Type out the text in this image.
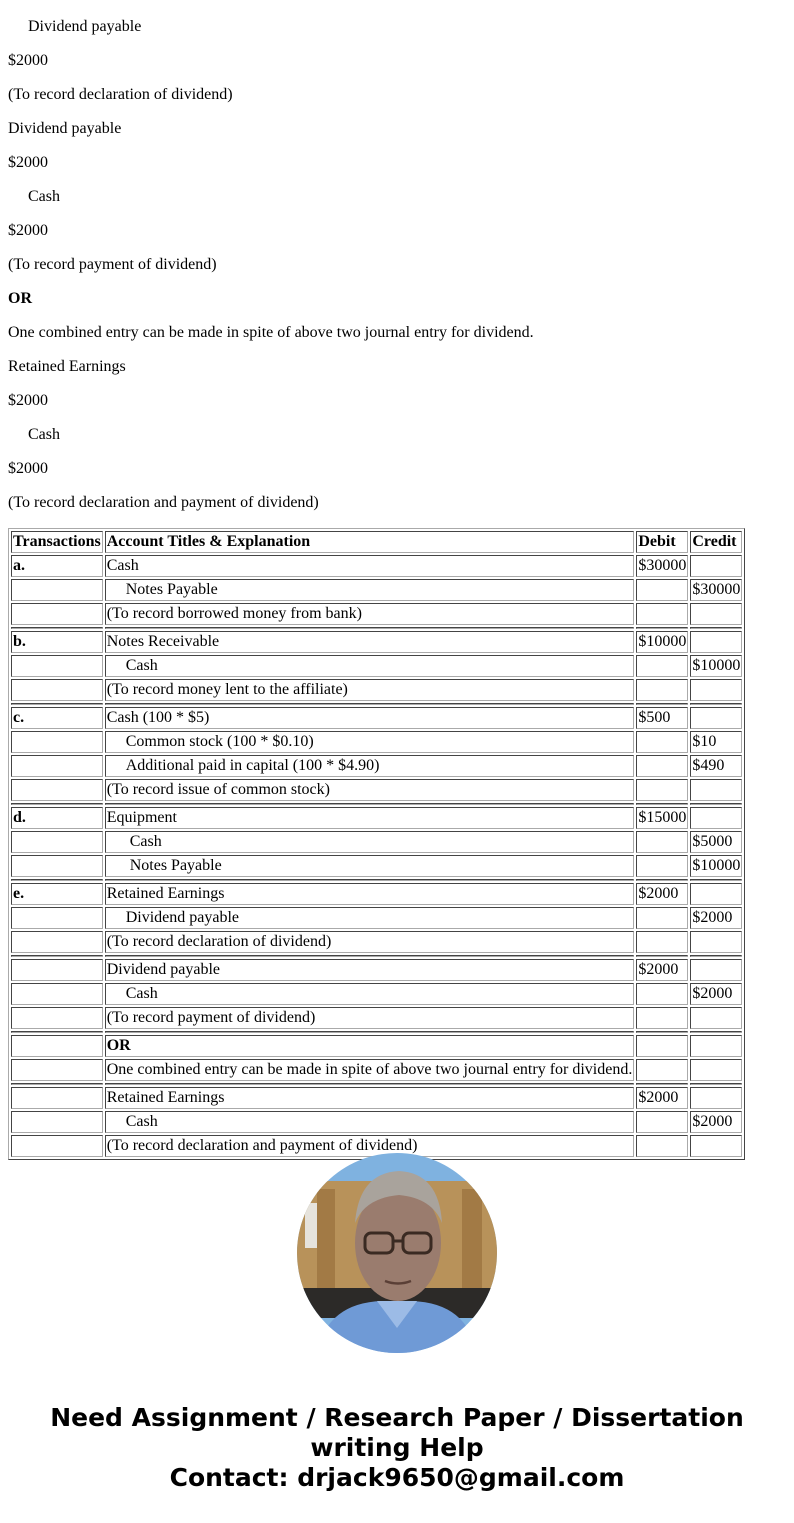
Dividend payable

$2000

(To record declaration of dividend)

Dividend payable

$2000

Cash

$2000

(To record payment of dividend)

OR

One combined entry can be made in spite of above two journal entry for dividend.

Retained Earnings

$2000

Cash

$2000

(To record declaration and payment of dividend)

Transactions	Account Titles & Explanation	Debit	Credit
a.	Cash	$30000	
	Notes Payable		$30000
	(To record borrowed money from bank)		

b.	Notes Receivable	$10000	
	Cash		$10000
	(To record money lent to the affiliate)		

c.	Cash (100 * $5)	$500	
	Common stock (100 * $0.10)		$10
	Additional paid in capital (100 * $4.90)		$490
	(To record issue of common stock)		

d.	Equipment	$15000	
	Cash		$5000
	Notes Payable		$10000

e.	Retained Earnings	$2000	
	Dividend payable		$2000
	(To record declaration of dividend)		

	Dividend payable	$2000	
	Cash		$2000
	(To record payment of dividend)		

	OR		
	One combined entry can be made in spite of above two journal entry for dividend.		

	Retained Earnings	$2000	
	Cash		$2000
	(To record declaration and payment of dividend)		
Need Assignment / Research Paper / Dissertation
writing Help
Contact: drjack9650@gmail.com
